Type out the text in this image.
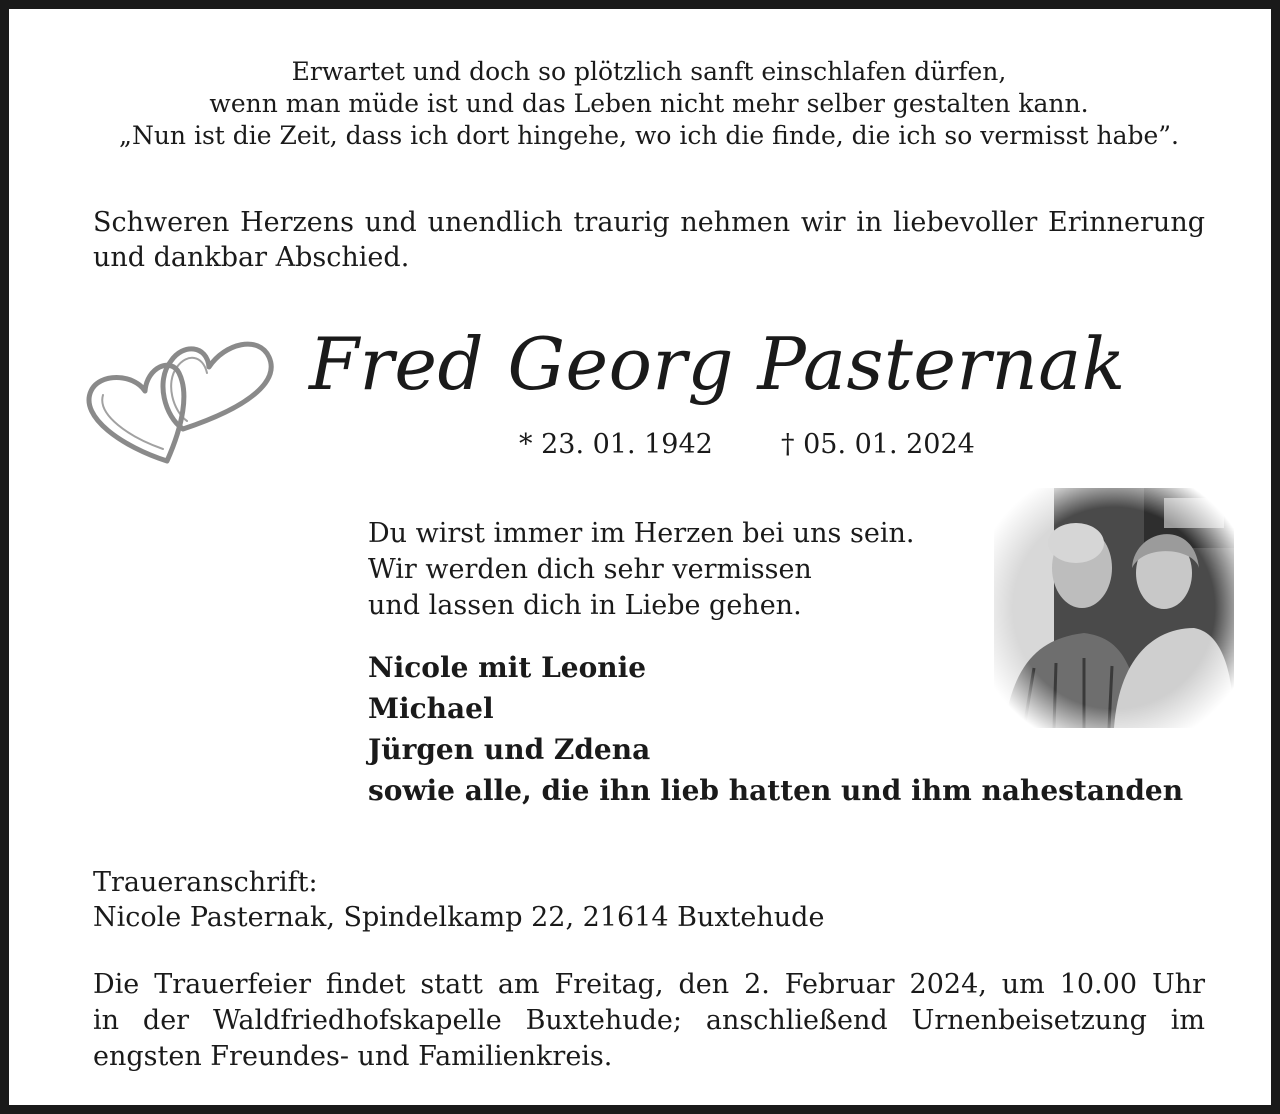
Erwartet und doch so plötzlich sanft einschlafen dürfen,
wenn man müde ist und das Leben nicht mehr selber gestalten kann.
„Nun ist die Zeit, dass ich dort hingehe, wo ich die finde, die ich so vermisst habe”.

Schweren Herzens und unendlich traurig nehmen wir in liebevoller Erinnerung und dankbar Abschied.

Fred Georg Pasternak
* 23. 01. 1942	† 05. 01. 2024
Du wirst immer im Herzen bei uns sein.
Wir werden dich sehr vermissen
und lassen dich in Liebe gehen.
Nicole mit Leonie
Michael
Jürgen und Zdena
sowie alle, die ihn lieb hatten und ihm nahestanden
Traueranschrift:
Nicole Pasternak, Spindelkamp 22, 21614 Buxtehude
Die Trauerfeier findet statt am Freitag, den 2. Februar 2024, um 10.00 Uhr
in der Waldfriedhofskapelle Buxtehude; anschließend Urnenbeisetzung im
engsten Freundes- und Familienkreis.
